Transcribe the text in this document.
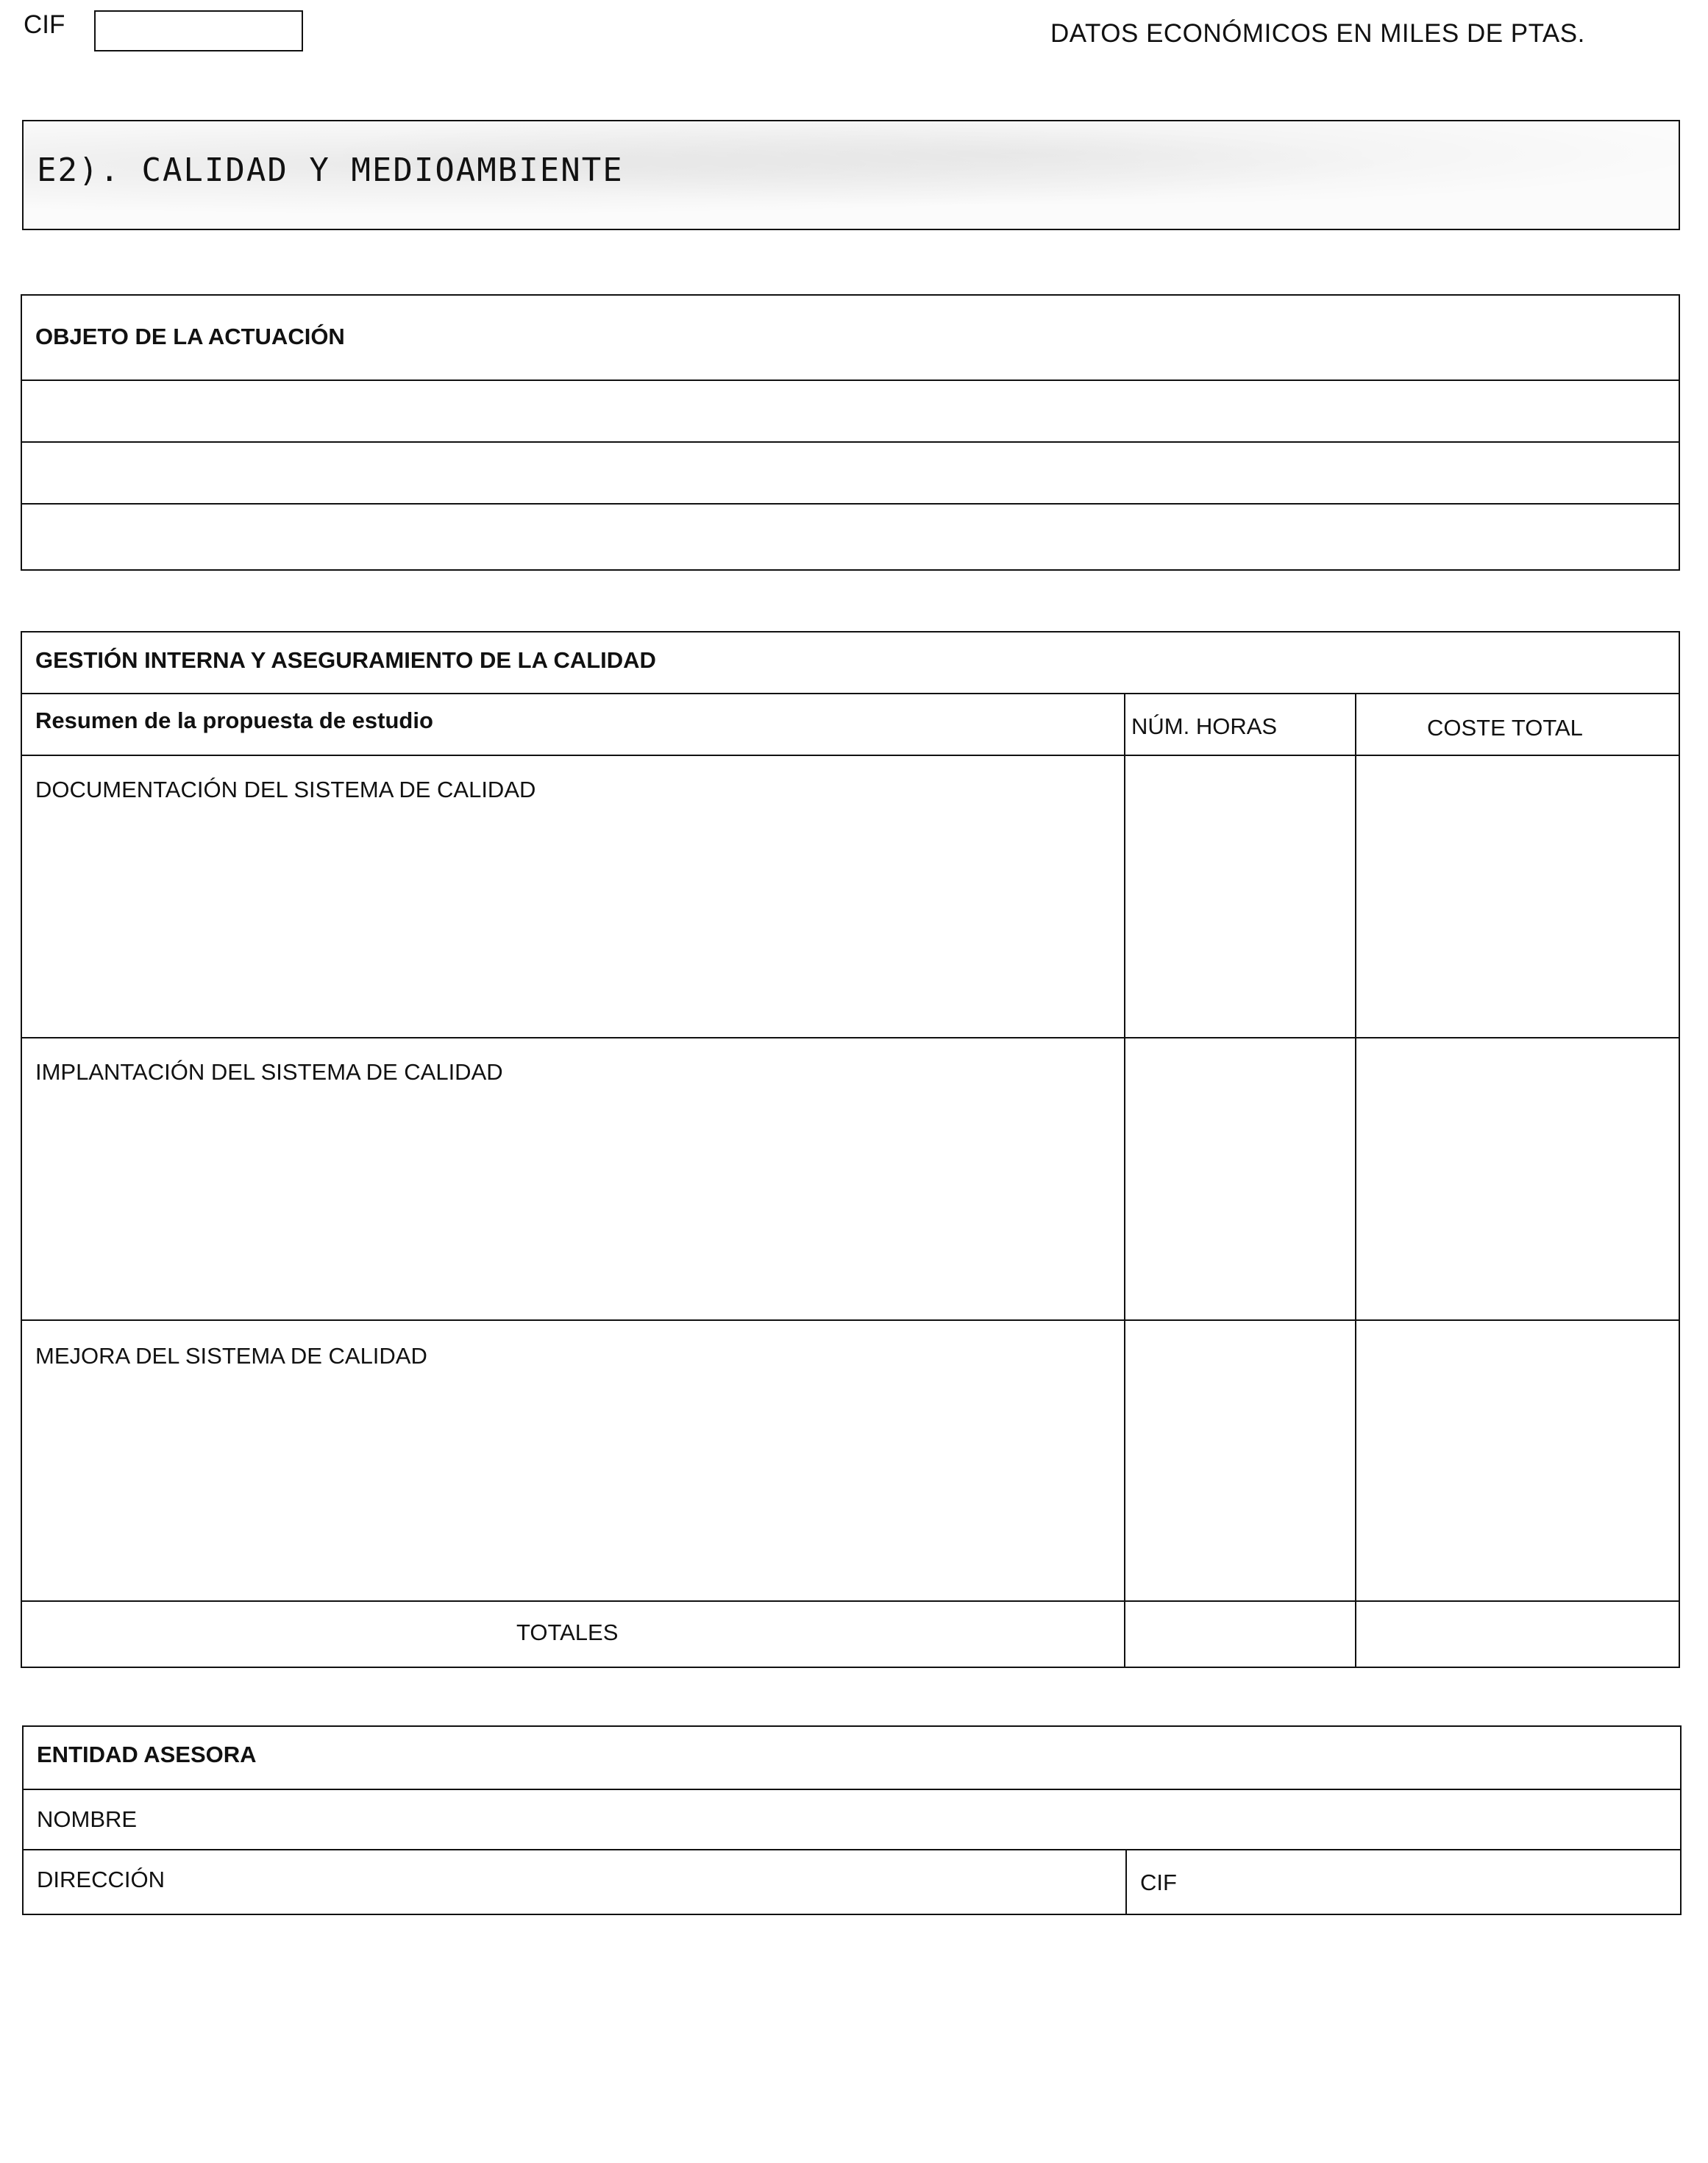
CIF	DATOS ECONÓMICOS EN MILES DE PTAS.
E2). CALIDAD Y MEDIOAMBIENTE
OBJETO DE LA ACTUACIÓN
GESTIÓN INTERNA Y ASEGURAMIENTO DE LA CALIDAD
Resumen de la propuesta de estudio	NÚM. HORAS	COSTE TOTAL
DOCUMENTACIÓN DEL SISTEMA DE CALIDAD
IMPLANTACIÓN DEL SISTEMA DE CALIDAD
MEJORA DEL SISTEMA DE CALIDAD
TOTALES
ENTIDAD ASESORA
NOMBRE
DIRECCIÓN	CIF
